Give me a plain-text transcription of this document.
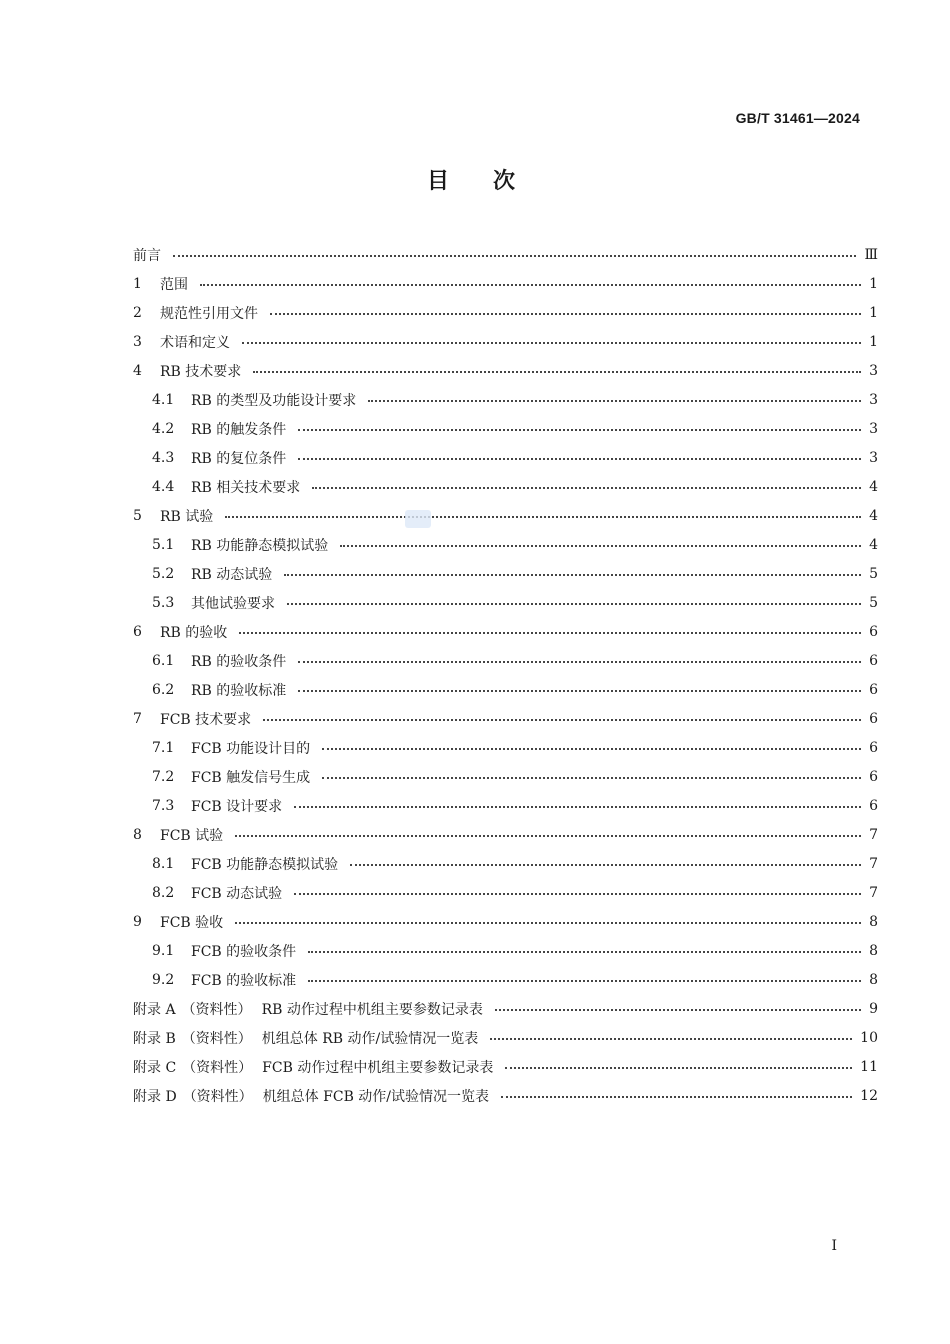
GB/T 31461—2024
目次
前言	Ⅲ
1	范围	1
2	规范性引用文件	1
3	术语和定义	1
4	RB 技术要求	3
4.1	RB 的类型及功能设计要求	3
4.2	RB 的触发条件	3
4.3	RB 的复位条件	3
4.4	RB 相关技术要求	4
5	RB 试验	4
5.1	RB 功能静态模拟试验	4
5.2	RB 动态试验	5
5.3	其他试验要求	5
6	RB 的验收	6
6.1	RB 的验收条件	6
6.2	RB 的验收标准	6
7	FCB 技术要求	6
7.1	FCB 功能设计目的	6
7.2	FCB 触发信号生成	6
7.3	FCB 设计要求	6
8	FCB 试验	7
8.1	FCB 功能静态模拟试验	7
8.2	FCB 动态试验	7
9	FCB 验收	8
9.1	FCB 的验收条件	8
9.2	FCB 的验收标准	8
附录 A （资料性） RB 动作过程中机组主要参数记录表	9
附录 B （资料性） 机组总体 RB 动作/试验情况一览表	10
附录 C （资料性） FCB 动作过程中机组主要参数记录表	11
附录 D （资料性） 机组总体 FCB 动作/试验情况一览表	12
Ⅰ
